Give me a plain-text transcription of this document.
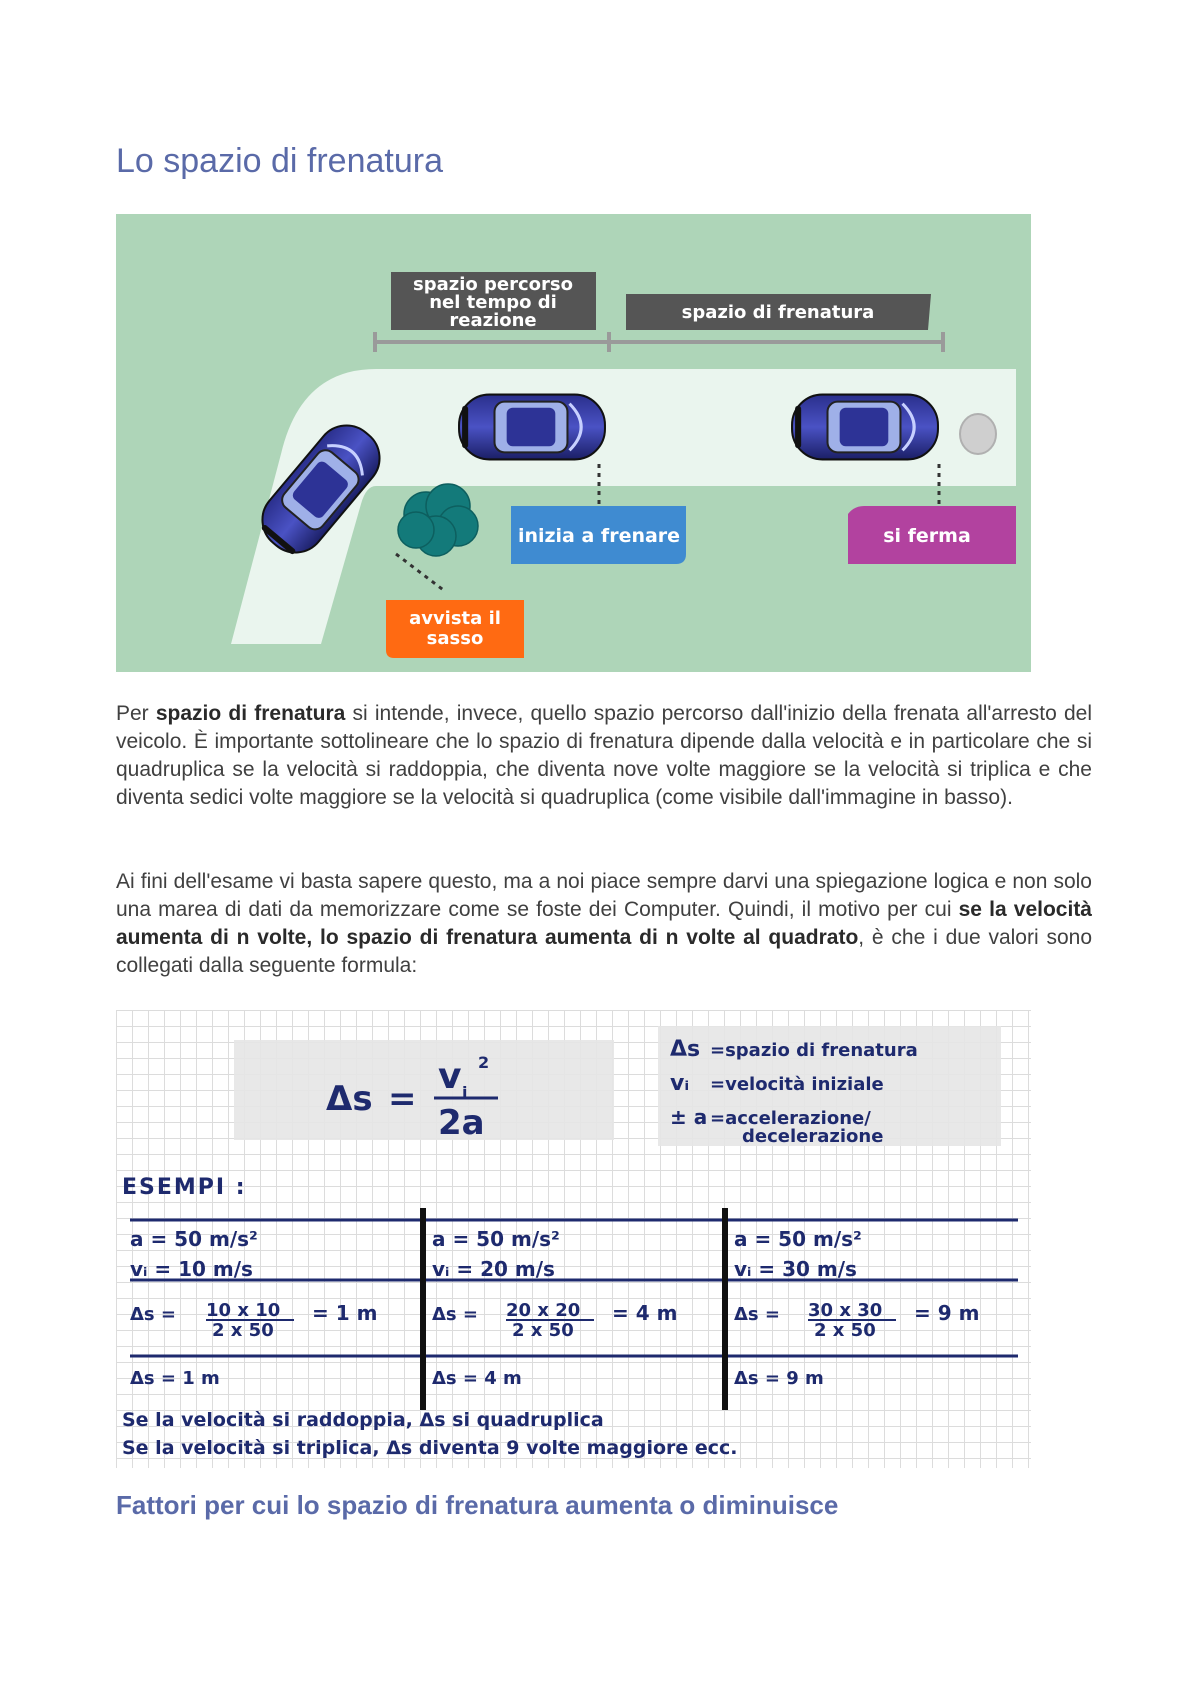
Lo spazio di frenatura
spazio percorso
nel tempo di
reazione	spazio di frenatura
inizia a frenare	si ferma
avvista il
sasso

Per spazio di frenatura si intende, invece, quello spazio percorso dall'inizio della frenata all'arresto del veicolo. È importante sottolineare che lo spazio di frenatura dipende dalla velocità e in particolare che si quadruplica se la velocità si raddoppia, che diventa nove volte maggiore se la velocità si triplica e che diventa sedici volte maggiore se la velocità si quadruplica (come visibile dall'immagine in basso).

Ai fini dell'esame vi basta sapere questo, ma a noi piace sempre darvi una spiegazione logica e non solo una marea di dati da memorizzare come se foste dei Computer. Quindi, il motivo per cui se la velocità aumenta di n volte, lo spazio di frenatura aumenta di n volte al quadrato, è che i due valori sono collegati dalla seguente formula:

Δs =
v i
2
2a
Δs =spazio di frenatura
vᵢ =velocità iniziale
± a =accelerazione/
decelerazione
ESEMPI :
a = 50 m/s²
vᵢ = 10 m/s
Δs = 10 x 10
2 x 50
= 1 m
Δs = 1 m
a = 50 m/s²
vᵢ = 20 m/s
Δs = 20 x 20
2 x 50
= 4 m
Δs = 4 m
a = 50 m/s²
vᵢ = 30 m/s
Δs = 30 x 30
2 x 50
= 9 m
Δs = 9 m
Se la velocità si raddoppia, Δs si quadruplica
Se la velocità si triplica, Δs diventa 9 volte maggiore ecc.
Fattori per cui lo spazio di frenatura aumenta o diminuisce
